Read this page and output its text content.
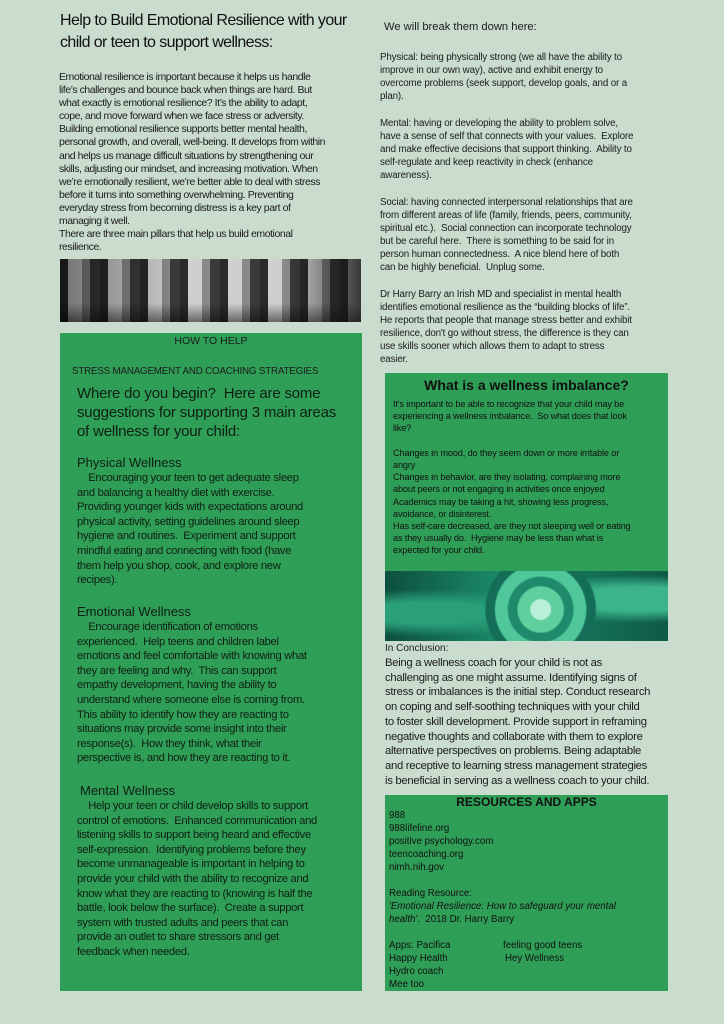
Help to Build Emotional Resilience with your
child or teen to support wellness:
Emotional resilience is important because it helps us handle
life’s challenges and bounce back when things are hard. But
what exactly is emotional resilience? It’s the ability to adapt,
cope, and move forward when we face stress or adversity.
Building emotional resilience supports better mental health,
personal growth, and overall, well-being. It develops from within
and helps us manage difficult situations by strengthening our
skills, adjusting our mindset, and increasing motivation. When
we’re emotionally resilient, we’re better able to deal with stress
before it turns into something overwhelming. Preventing
everyday stress from becoming distress is a key part of
managing it well.
There are three main pillars that help us build emotional
resilience.
HOW TO HELP
STRESS MANAGEMENT AND COACHING STRATEGIES
Where do you begin?  Here are some
suggestions for supporting 3 main areas
of wellness for your child:
Physical Wellness
Encouraging your teen to get adequate sleep
and balancing a healthy diet with exercise.
Providing younger kids with expectations around
physical activity, setting guidelines around sleep
hygiene and routines.  Experiment and support
mindful eating and connecting with food (have
them help you shop, cook, and explore new
recipes).
Emotional Wellness
Encourage identification of emotions
experienced.  Help teens and children label
emotions and feel comfortable with knowing what
they are feeling and why.  This can support
empathy development, having the ability to
understand where someone else is coming from.
This ability to identify how they are reacting to
situations may provide some insight into their
response(s).  How they think, what their
perspective is, and how they are reacting to it.
Mental Wellness
Help your teen or child develop skills to support
control of emotions.  Enhanced communication and
listening skills to support being heard and effective
self-expression.  Identifying problems before they
become unmanageable is important in helping to
provide your child with the ability to recognize and
know what they are reacting to (knowing is half the
battle, look below the surface).  Create a support
system with trusted adults and peers that can
provide an outlet to share stressors and get
feedback when needed.
We will break them down here:
Physical: being physically strong (we all have the ability to
improve in our own way), active and exhibit energy to
overcome problems (seek support, develop goals, and or a
plan).
Mental: having or developing the ability to problem solve,
have a sense of self that connects with your values.  Explore
and make effective decisions that support thinking.  Ability to
self-regulate and keep reactivity in check (enhance
awareness).
Social: having connected interpersonal relationships that are
from different areas of life (family, friends, peers, community,
spiritual etc.).  Social connection can incorporate technology
but be careful here.  There is something to be said for in
person human connectedness.  A nice blend here of both
can be highly beneficial.  Unplug some.
Dr Harry Barry an Irish MD and specialist in mental health
identifies emotional resilience as the “building blocks of life”.
He reports that people that manage stress better and exhibit
resilience, don't go without stress, the difference is they can
use skills sooner which allows them to adapt to stress
easier.
What is a wellness imbalance?
It's important to be able to recognize that your child may be
experiencing a wellness imbalance.  So what does that look
like?

Changes in mood, do they seem down or more irritable or
angry
Changes in behavior, are they isolating, complaining more
about peers or not engaging in activities once enjoyed
Academics may be taking a hit, showing less progress,
avoidance, or disinterest.
Has self-care decreased, are they not sleeping well or eating
as they usually do.  Hygiene may be less than what is
expected for your child.
In Conclusion:
Being a wellness coach for your child is not as
challenging as one might assume. Identifying signs of
stress or imbalances is the initial step. Conduct research
on coping and self-soothing techniques with your child
to foster skill development. Provide support in reframing
negative thoughts and collaborate with them to explore
alternative perspectives on problems. Being adaptable
and receptive to learning stress management strategies
is beneficial in serving as a wellness coach to your child.
RESOURCES AND APPS
988
988lifeline.org
positive psychology.com
teencoaching.org
nimh.nih.gov
Reading Resource:
'Emotional Resilience: How to safeguard your mental
health'.  2018 Dr. Harry Barry
Apps: Pacifica
Happy Health
Hydro coach
Mee too
feeling good teens
Hey Wellness
